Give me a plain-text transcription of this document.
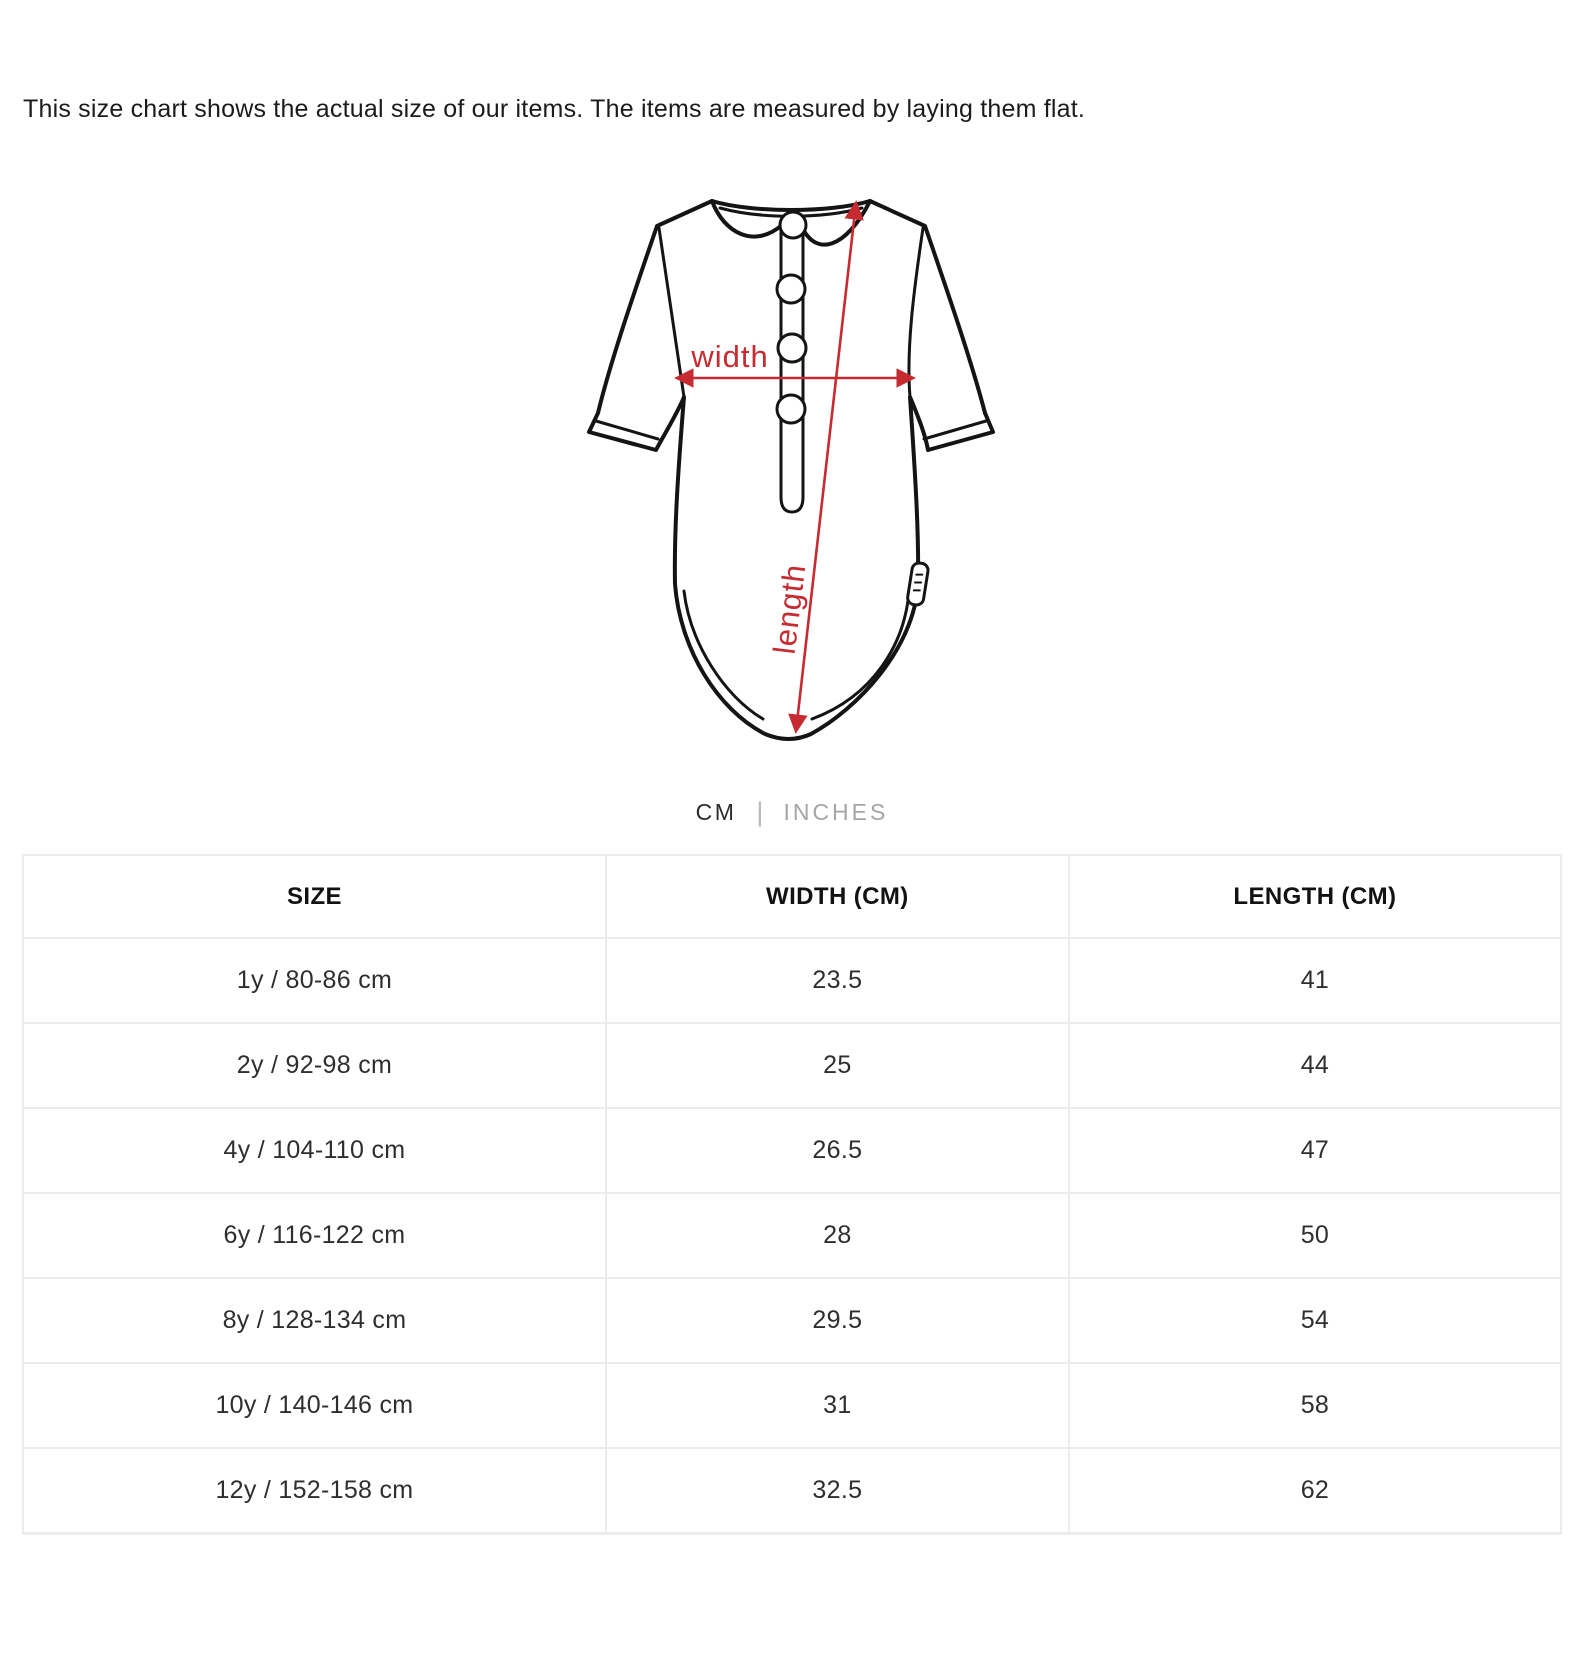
This size chart shows the actual size of our items. The items are measured by laying them flat.

width
length
CM | INCHES
SIZE	WIDTH (CM)	LENGTH (CM)
1y / 80-86 cm	23.5	41
2y / 92-98 cm	25	44
4y / 104-110 cm	26.5	47
6y / 116-122 cm	28	50
8y / 128-134 cm	29.5	54
10y / 140-146 cm	31	58
12y / 152-158 cm	32.5	62
